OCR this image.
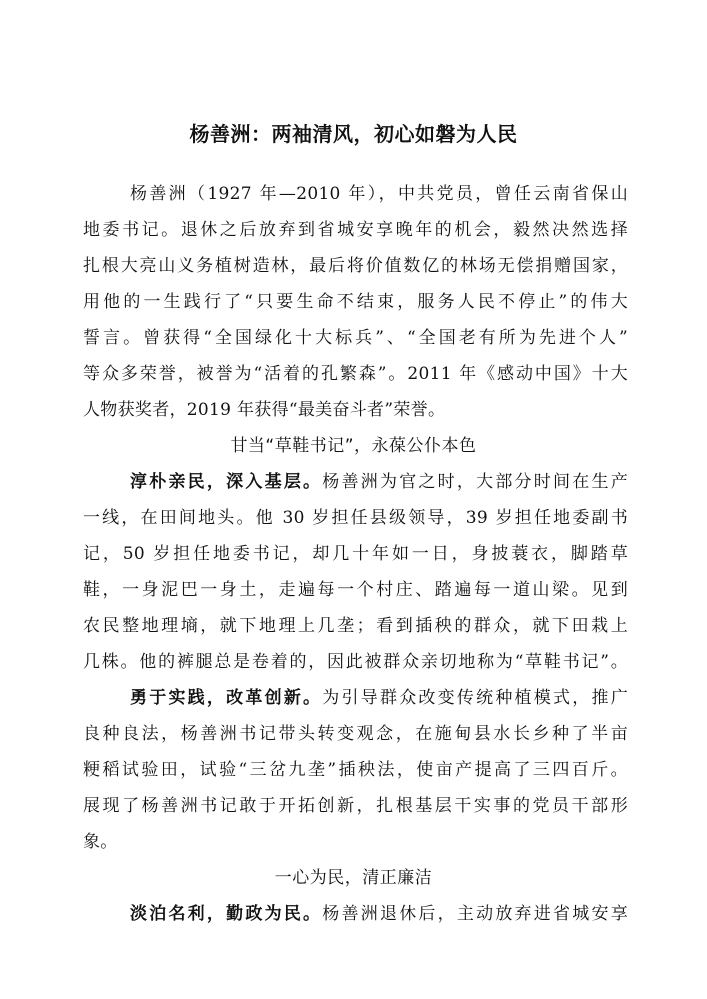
杨善洲：两袖清风，初心如磐为人民
杨善洲（1927 年—2010 年），中共党员，曾任云南省保山
地委书记。退休之后放弃到省城安享晚年的机会，毅然决然选择
扎根大亮山义务植树造林，最后将价值数亿的林场无偿捐赠国家，
用他的一生践行了“只要生命不结束，服务人民不停止”的伟大
誓言。曾获得“全国绿化十大标兵”、“全国老有所为先进个人”
等众多荣誉，被誉为“活着的孔繁森”。2011 年《感动中国》十大
人物获奖者，2019 年获得“最美奋斗者”荣誉。
甘当“草鞋书记”，永葆公仆本色
淳朴亲民，深入基层。杨善洲为官之时，大部分时间在生产
一线，在田间地头。他 30 岁担任县级领导，39 岁担任地委副书
记，50 岁担任地委书记，却几十年如一日，身披蓑衣，脚踏草
鞋，一身泥巴一身土，走遍每一个村庄、踏遍每一道山梁。见到
农民整地理墒，就下地理上几垄；看到插秧的群众，就下田栽上
几株。他的裤腿总是卷着的，因此被群众亲切地称为“草鞋书记”。
勇于实践，改革创新。为引导群众改变传统种植模式，推广
良种良法，杨善洲书记带头转变观念，在施甸县水长乡种了半亩
粳稻试验田，试验“三岔九垄”插秧法，使亩产提高了三四百斤。
展现了杨善洲书记敢于开拓创新，扎根基层干实事的党员干部形
象。
一心为民，清正廉洁
淡泊名利，勤政为民。杨善洲退休后，主动放弃进省城安享
